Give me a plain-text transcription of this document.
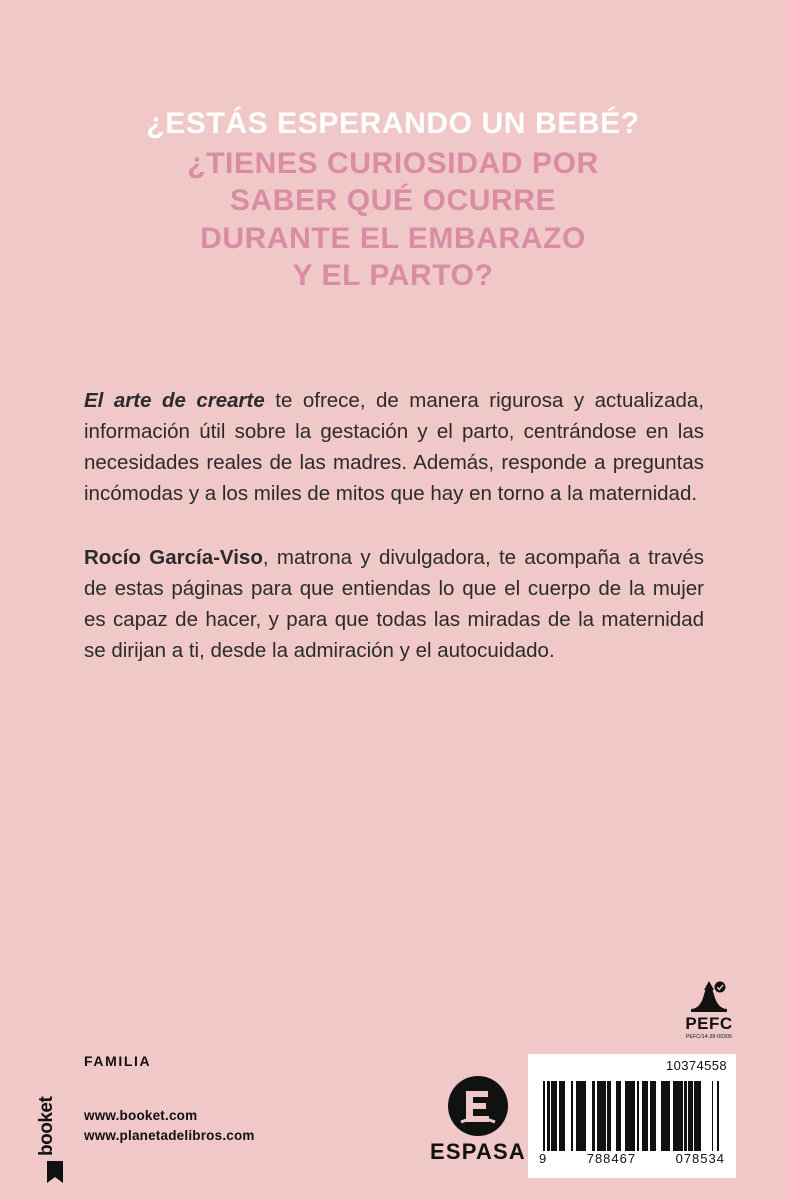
¿ESTÁS ESPERANDO UN BEBÉ?
¿TIENES CURIOSIDAD POR
SABER QUÉ OCURRE
DURANTE EL EMBARAZO
Y EL PARTO?

El arte de crearte te ofrece, de manera rigurosa y actualizada, información útil sobre la gestación y el parto, centrándose en las necesidades reales de las madres. Además, responde a preguntas incómodas y a los miles de mitos que hay en torno a la maternidad.

Rocío García-Viso, matrona y divulgadora, te acompaña a través de estas páginas para que entiendas lo que el cuerpo de la mujer es capaz de hacer, y para que todas las miradas de la maternidad se dirijan a ti, desde la admiración y el autocuidado.

PEFC
PEFC/14-38-00305
10374558
9	788467	078534
ESPASA
FAMILIA
booket www.booket.com
www.planetadelibros.com
